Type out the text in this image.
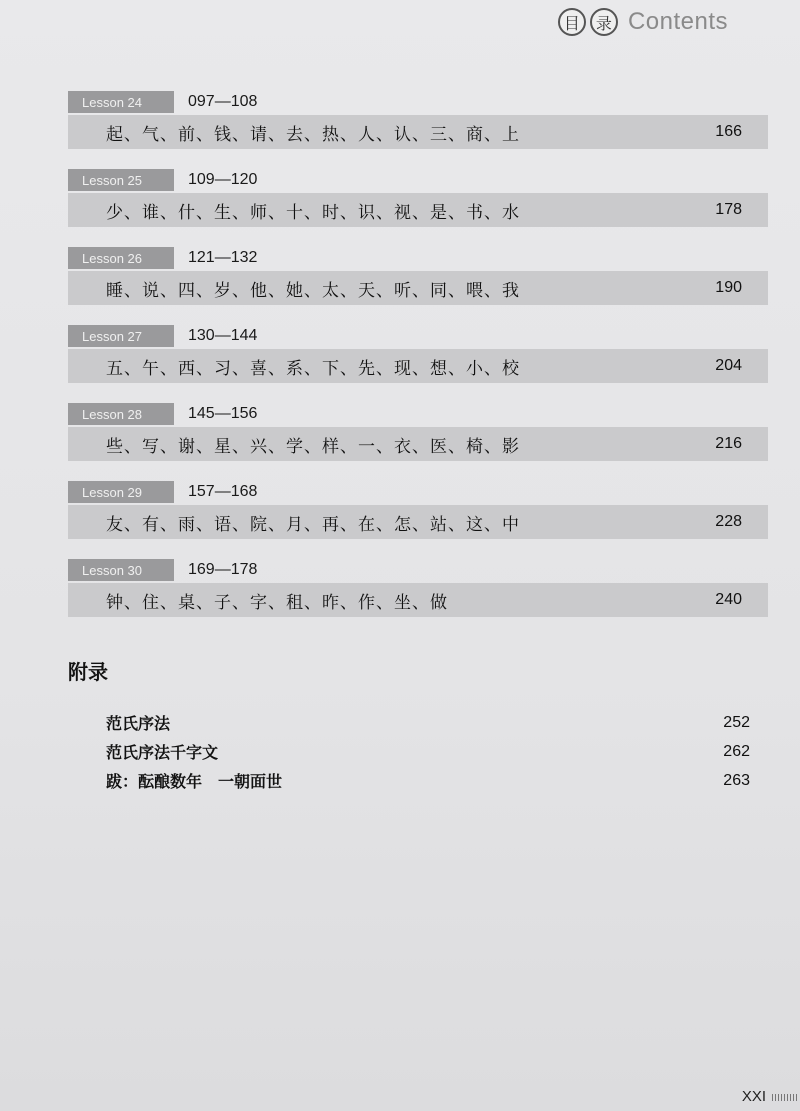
目 录 Contents
Lesson 24	097—108
起、气、前、钱、请、去、热、人、认、三、商、上	166
Lesson 25	109—120
少、谁、什、生、师、十、时、识、视、是、书、水	178
Lesson 26	121—132
睡、说、四、岁、他、她、太、天、听、同、喂、我	190
Lesson 27	130—144
五、午、西、习、喜、系、下、先、现、想、小、校	204
Lesson 28	145—156
些、写、谢、星、兴、学、样、一、衣、医、椅、影	216
Lesson 29	157—168
友、有、雨、语、院、月、再、在、怎、站、这、中	228
Lesson 30	169—178
钟、住、桌、子、字、租、昨、作、坐、做	240
附录
范氏序法	252
范氏序法千字文	262
跋：酝酿数年　一朝面世	263
XXI
